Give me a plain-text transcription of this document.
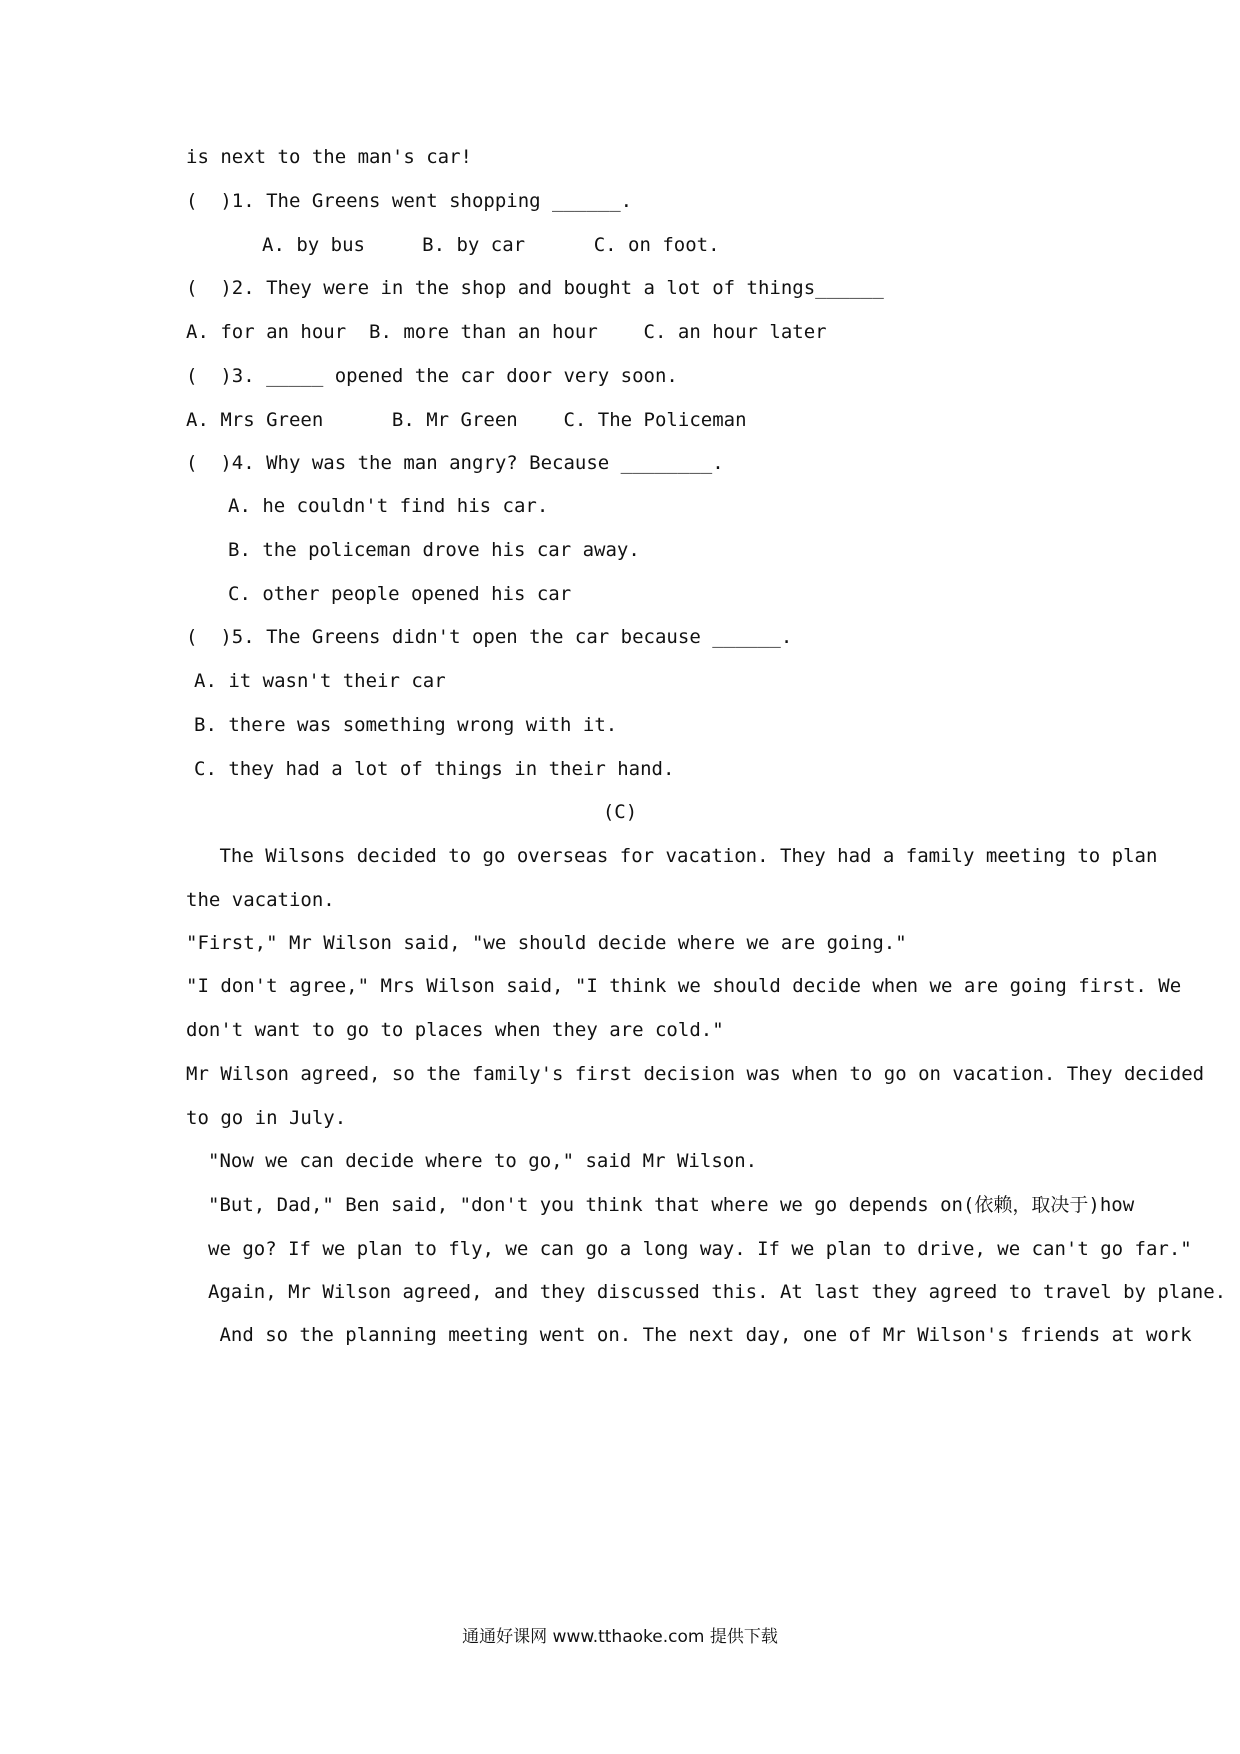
is next to the man's car!
(  )1. The Greens went shopping ______.
A. by bus     B. by car      C. on foot.
(  )2. They were in the shop and bought a lot of things______
A. for an hour  B. more than an hour    C. an hour later
(  )3. _____ opened the car door very soon.
A. Mrs Green      B. Mr Green    C. The Policeman
(  )4. Why was the man angry? Because ________.
A. he couldn't find his car.
B. the policeman drove his car away.
C. other people opened his car
(  )5. The Greens didn't open the car because ______.
A. it wasn't their car
B. there was something wrong with it.
C. they had a lot of things in their hand.
(C)
The Wilsons decided to go overseas for vacation. They had a family meeting to plan
the vacation.
"First," Mr Wilson said, "we should decide where we are going."
"I don't agree," Mrs Wilson said, "I think we should decide when we are going first. We
don't want to go to places when they are cold."
Mr Wilson agreed, so the family's first decision was when to go on vacation. They decided
to go in July.
"Now we can decide where to go," said Mr Wilson.
"But, Dad," Ben said, "don't you think that where we go depends on(依赖，取决于)how
we go? If we plan to fly, we can go a long way. If we plan to drive, we can't go far."
Again, Mr Wilson agreed, and they discussed this. At last they agreed to travel by plane.
And so the planning meeting went on. The next day, one of Mr Wilson's friends at work
通通好课网 www.tthaoke.com 提供下载
